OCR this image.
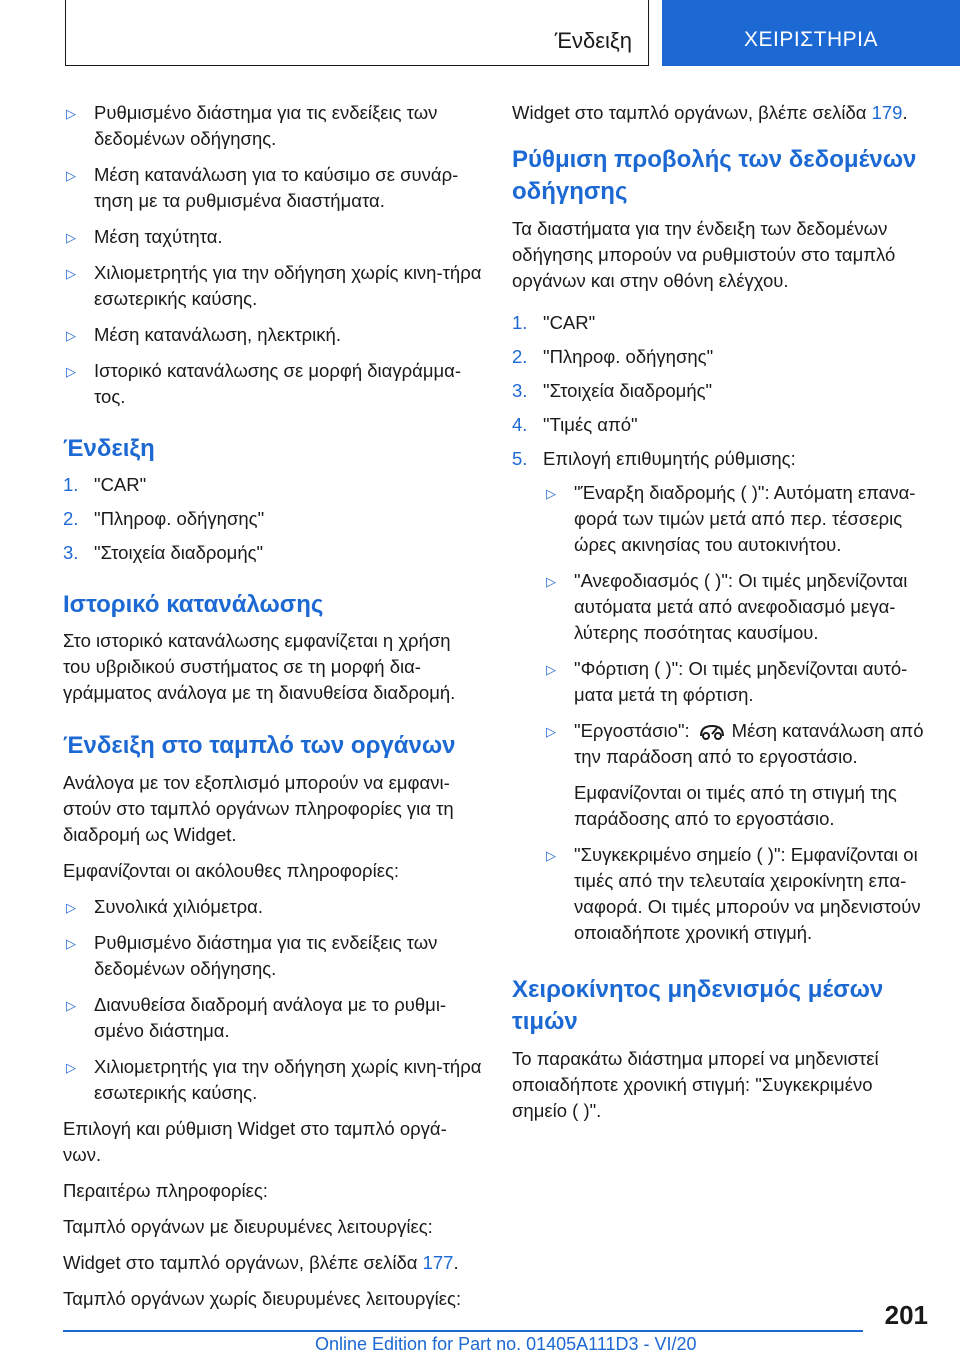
Ένδειξη	ΧΕΙΡΙΣΤΗΡΙΑ
▷ Ρυθμισμένο διάστημα για τις ενδείξεις των δεδομένων οδήγησης.
▷ Μέση κατανάλωση για το καύσιμο σε συνάρ-τηση με τα ρυθμισμένα διαστήματα.
▷ Μέση ταχύτητα.
▷ Χιλιομετρητής για την οδήγηση χωρίς κινη-τήρα εσωτερικής καύσης.
▷ Μέση κατανάλωση, ηλεκτρική.
▷ Ιστορικό κατανάλωσης σε μορφή διαγράμμα-τος.
Ένδειξη
1. "CAR"
2. "Πληροφ. οδήγησης"
3. "Στοιχεία διαδρομής"
Ιστορικό κατανάλωσης

Στο ιστορικό κατανάλωσης εμφανίζεται η χρήση του υβριδικού συστήματος σε τη μορφή δια-γράμματος ανάλογα με τη διανυθείσα διαδρομή.

Ένδειξη στο ταμπλό των οργάνων

Ανάλογα με τον εξοπλισμό μπορούν να εμφανι-στούν στο ταμπλό οργάνων πληροφορίες για τη διαδρομή ως Widget.

Εμφανίζονται οι ακόλουθες πληροφορίες:

▷ Συνολικά χιλιόμετρα.
▷ Ρυθμισμένο διάστημα για τις ενδείξεις των δεδομένων οδήγησης.
▷ Διανυθείσα διαδρομή ανάλογα με το ρυθμι-σμένο διάστημα.
▷ Χιλιομετρητής για την οδήγηση χωρίς κινη-τήρα εσωτερικής καύσης.

Επιλογή και ρύθμιση Widget στο ταμπλό οργά-νων.

Περαιτέρω πληροφορίες:

Ταμπλό οργάνων με διευρυμένες λειτουργίες:

Widget στο ταμπλό οργάνων, βλέπε σελίδα 177.

Ταμπλό οργάνων χωρίς διευρυμένες λειτουργίες:

Widget στο ταμπλό οργάνων, βλέπε σελίδα 179.

Ρύθμιση προβολής των δεδομένων οδήγησης

Τα διαστήματα για την ένδειξη των δεδομένων οδήγησης μπορούν να ρυθμιστούν στο ταμπλό οργάνων και στην οθόνη ελέγχου.

1. "CAR"
2. "Πληροφ. οδήγησης"
3. "Στοιχεία διαδρομής"
4. "Τιμές από"
5. Επιλογή επιθυμητής ρύθμισης:
▷ "Έναρξη διαδρομής ( )": Αυτόματη επανα-φορά των τιμών μετά από περ. τέσσερις ώρες ακινησίας του αυτοκινήτου.
▷ "Ανεφοδιασμός ( )": Οι τιμές μηδενίζονται αυτόματα μετά από ανεφοδιασμό μεγα-λύτερης ποσότητας καυσίμου.
▷ "Φόρτιση ( )": Οι τιμές μηδενίζονται αυτό-ματα μετά τη φόρτιση.
▷ "Εργοστάσιο": Μέση κατανάλωση από την παράδοση από το εργοστάσιο.

Εμφανίζονται οι τιμές από τη στιγμή της παράδοσης από το εργοστάσιο.

▷ "Συγκεκριμένο σημείο ( )": Εμφανίζονται οι τιμές από την τελευταία χειροκίνητη επα-ναφορά. Οι τιμές μπορούν να μηδενιστούν οποιαδήποτε χρονική στιγμή.
Χειροκίνητος μηδενισμός μέσων τιμών

Το παρακάτω διάστημα μπορεί να μηδενιστεί οποιαδήποτε χρονική στιγμή: "Συγκεκριμένο σημείο ( )".

201
Online Edition for Part no. 01405A111D3 - VI/20
